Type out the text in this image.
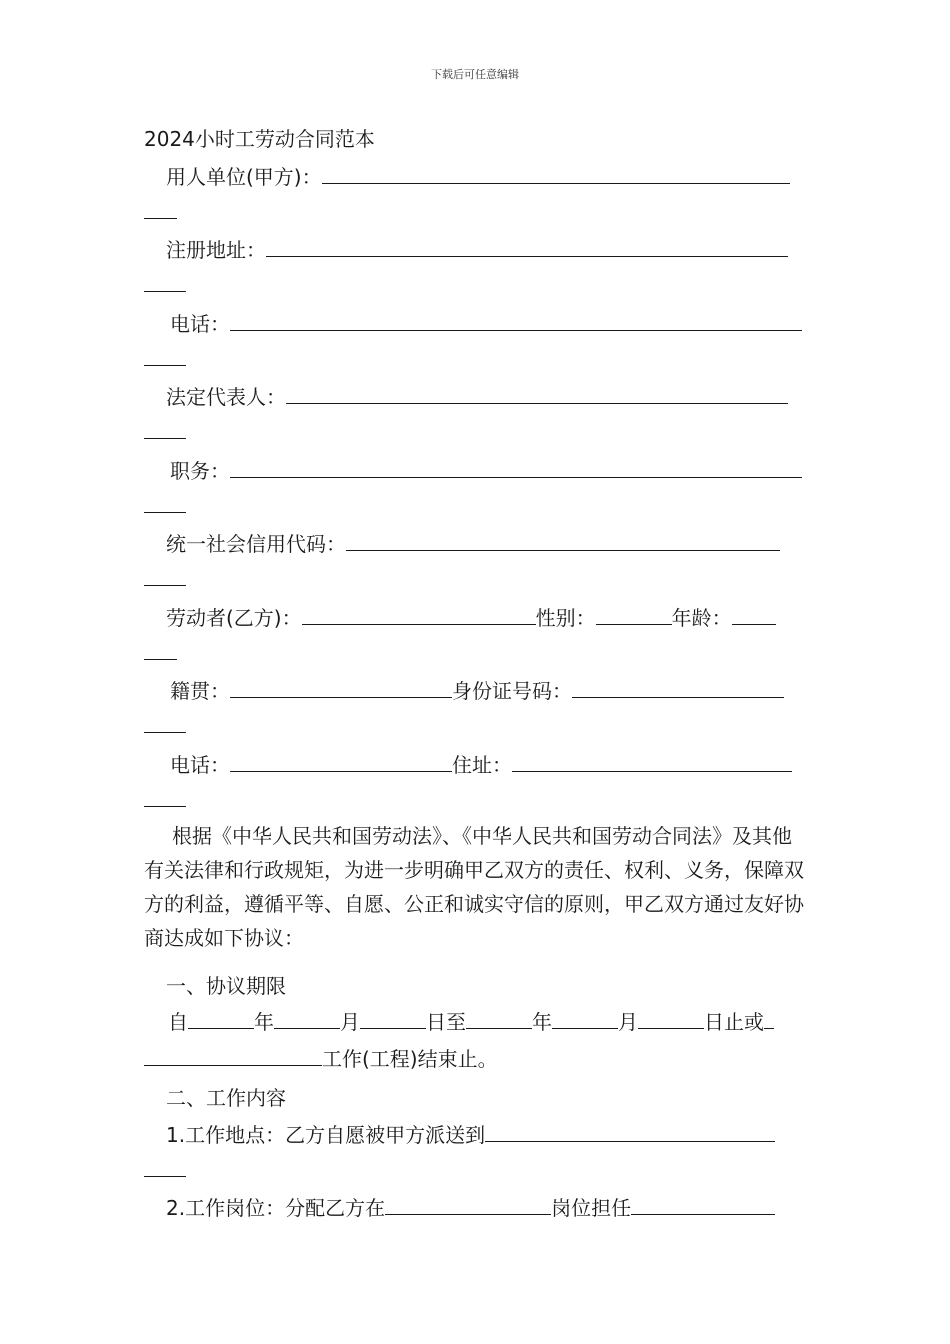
下载后可任意编辑
2024小时工劳动合同范本
用人单位(甲方)：
注册地址：
电话：
法定代表人：
职务：
统一社会信用代码：
劳动者(乙方)：	性别：	年龄：
籍贯：	身份证号码：
电话：	住址：
根据《中华人民共和国劳动法》、《中华人民共和国劳动合同法》及其他有关法律和行政规矩，为进一步明确甲乙双方的责任、权利、义务，保障双方的利益，遵循平等、自愿、公正和诚实守信的原则，甲乙双方通过友好协商达成如下协议：
一、协议期限
自	年	月	日至	年	月	日止或
工作(工程)结束止。
二、工作内容
1.工作地点：乙方自愿被甲方派送到
2.工作岗位：分配乙方在	岗位担任
